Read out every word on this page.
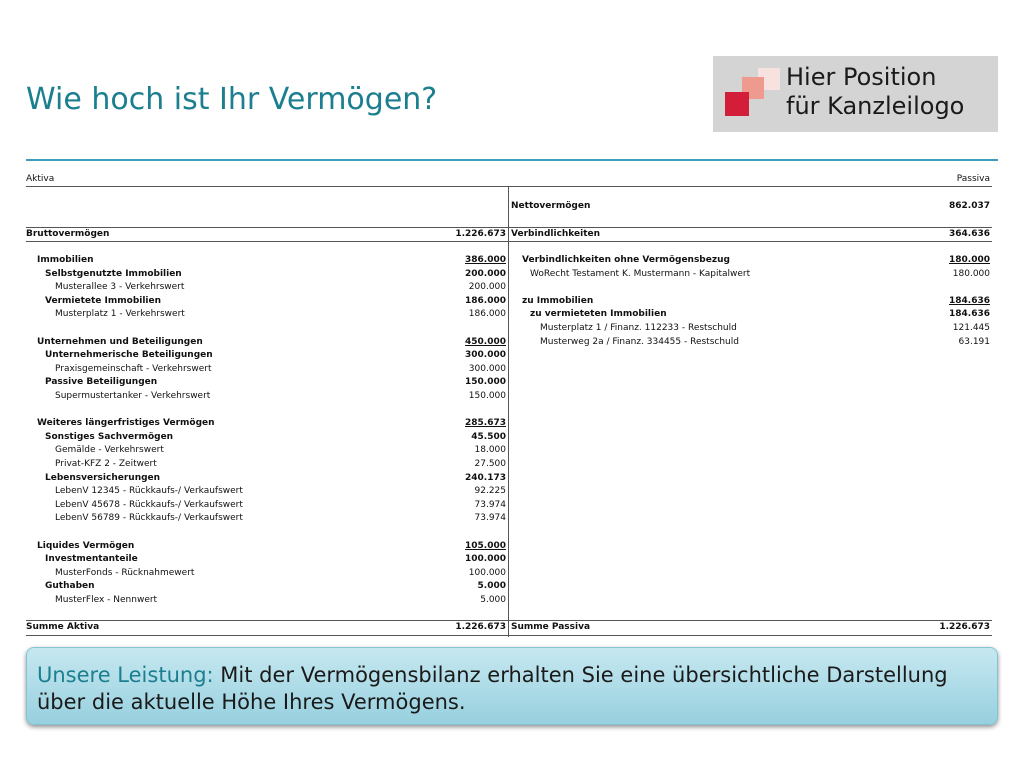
Wie hoch ist Ihr Vermögen?
Hier Position
für Kanzleilogo
Aktiva	Passiva
Nettovermögen	862.037
Bruttovermögen	1.226.673 Verbindlichkeiten	364.636
Immobilien	386.000
Selbstgenutzte Immobilien	200.000
Musterallee 3 - Verkehrswert	200.000
Vermietete Immobilien	186.000
Musterplatz 1 - Verkehrswert	186.000
Unternehmen und Beteiligungen	450.000
Unternehmerische Beteiligungen	300.000
Praxisgemeinschaft - Verkehrswert	300.000
Passive Beteiligungen	150.000
Supermustertanker - Verkehrswert	150.000
Weiteres längerfristiges Vermögen	285.673
Sonstiges Sachvermögen	45.500
Gemälde - Verkehrswert	18.000
Privat-KFZ 2 - Zeitwert	27.500
Lebensversicherungen	240.173
LebenV 12345 - Rückkaufs-/ Verkaufswert	92.225
LebenV 45678 - Rückkaufs-/ Verkaufswert	73.974
LebenV 56789 - Rückkaufs-/ Verkaufswert	73.974
Liquides Vermögen	105.000
Investmentanteile	100.000
MusterFonds - Rücknahmewert	100.000
Guthaben	5.000
MusterFlex - Nennwert	5.000
Verbindlichkeiten ohne Vermögensbezug	180.000
WoRecht Testament K. Mustermann - Kapitalwert	180.000
zu Immobilien	184.636
zu vermieteten Immobilien	184.636
Musterplatz 1 / Finanz. 112233 - Restschuld	121.445
Musterweg 2a / Finanz. 334455 - Restschuld	63.191
Summe Aktiva	1.226.673 Summe Passiva	1.226.673
Unsere Leistung: Mit der Vermögensbilanz erhalten Sie eine übersichtliche Darstellung über die aktuelle Höhe Ihres Vermögens.
